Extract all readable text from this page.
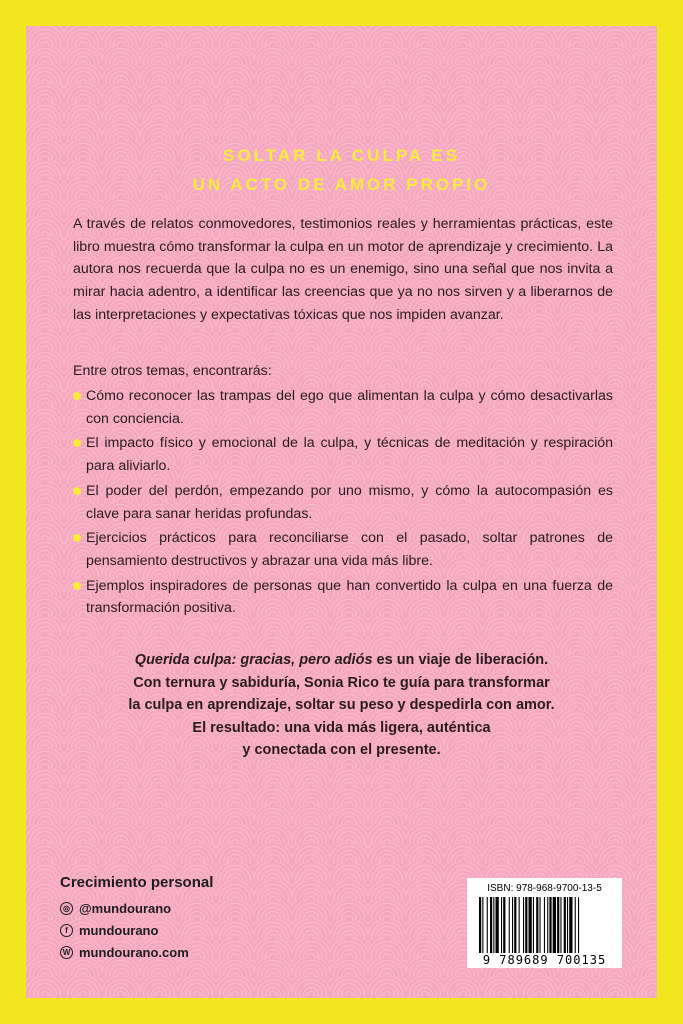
SOLTAR LA CULPA ES
UN ACTO DE AMOR PROPIO
A través de relatos conmovedores, testimonios reales y herramientas prácticas, este libro muestra cómo transformar la culpa en un motor de aprendizaje y crecimiento. La autora nos recuerda que la culpa no es un enemigo, sino una señal que nos invita a mirar hacia adentro, a identificar las creencias que ya no nos sirven y a liberarnos de las interpretaciones y expectativas tóxicas que nos impiden avanzar.
Entre otros temas, encontrarás:
Cómo reconocer las trampas del ego que alimentan la culpa y cómo desactivarlas con conciencia.
El impacto físico y emocional de la culpa, y técnicas de meditación y respiración para aliviarlo.
El poder del perdón, empezando por uno mismo, y cómo la autocompasión es clave para sanar heridas profundas.
Ejercicios prácticos para reconciliarse con el pasado, soltar patrones de pensamiento destructivos y abrazar una vida más libre.
Ejemplos inspiradores de personas que han convertido la culpa en una fuerza de transformación positiva.
Querida culpa: gracias, pero adiós es un viaje de liberación.
Con ternura y sabiduría, Sonia Rico te guía para transformar
la culpa en aprendizaje, soltar su peso y despedirla con amor.
El resultado: una vida más ligera, auténtica
y conectada con el presente.
Crecimiento personal
◎ @mundourano
f mundourano
W mundourano.com
ISBN: 978-968-9700-13-5
9 789689 700135
